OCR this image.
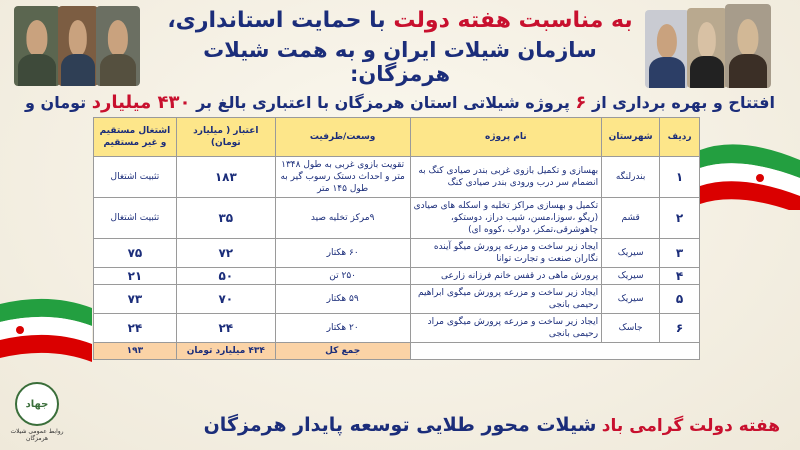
به مناسبت هفته دولت با حمایت استانداری،
سازمان شیلات ایران و به همت شیلات هرمزگان:
افتتاح و بهره برداری از ۶ پروژه شیلاتی استان هرمزگان با اعتباری بالغ بر ۴۳۰ میلیارد تومان و
ردیف	شهرستان	نام پروژه	وسعت/ظرفیت	اعتبار ( میلیارد تومان)	اشتغال مستقیم و غیر مستقیم
۱	بندرلنگه	بهسازی و تکمیل بازوی غربی بندر صیادی کنگ به انضمام سر درب ورودی بندر صیادی کنگ	تقویت بازوی غربی به طول ۱۳۴۸ متر و احداث دستک رسوب گیر به طول ۱۴۵ متر	۱۸۳	تثبیت اشتغال
۲	قشم	تکمیل و بهسازی مراکز تخلیه و اسکله های صیادی (ریگو ،سوزا،مسن، شیب دراز، دوستکو، چاهوشرقی،تمکز، دولاب ،کووه ای)	۹مرکز تخلیه صید	۳۵	تثبیت اشتغال
۳	سیریک	ایجاد زیر ساخت و مزرعه پرورش میگو آینده نگاران صنعت و تجارت توانا	۶۰ هکتار	۷۲	۷۵
۴	سیریک	پرورش ماهی در قفس خانم فرزانه زارعی	۲۵۰ تن	۵۰	۲۱
۵	سیریک	ایجاد زیر ساخت و مزرعه پرورش میگوی ابراهیم رحیمی بانجی	۵۹ هکتار	۷۰	۷۳
۶	جاسک	ایجاد زیر ساخت و مزرعه پرورش میگوی مراد رحیمی بانجی	۲۰ هکتار	۲۴	۲۴
			جمع کل	۴۳۴ میلیارد تومان	۱۹۳
هفته دولت گرامی باد
شیلات محور طلایی توسعه پایدار هرمزگان
جهاد
روابط عمومی شیلات هرمزگان
